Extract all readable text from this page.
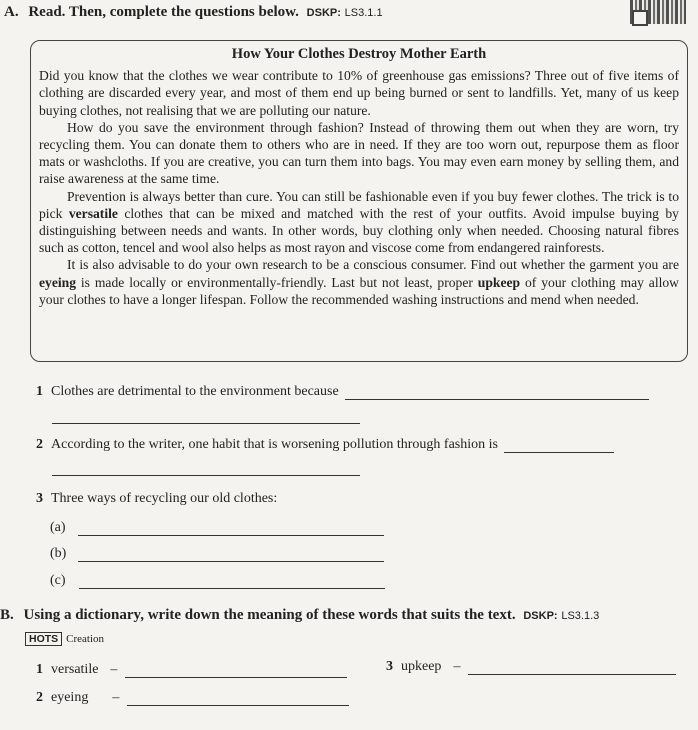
A. Read. Then, complete the questions below. DSKP: LS3.1.1
How Your Clothes Destroy Mother Earth

Did you know that the clothes we wear contribute to 10% of greenhouse gas emissions? Three out of five items of clothing are discarded every year, and most of them end up being burned or sent to landfills. Yet, many of us keep buying clothes, not realising that we are polluting our nature.

How do you save the environment through fashion? Instead of throwing them out when they are worn, try recycling them. You can donate them to others who are in need. If they are too worn out, repurpose them as floor mats or washcloths. If you are creative, you can turn them into bags. You may even earn money by selling them, and raise awareness at the same time.

Prevention is always better than cure. You can still be fashionable even if you buy fewer clothes. The trick is to pick versatile clothes that can be mixed and matched with the rest of your outfits. Avoid impulse buying by distinguishing between needs and wants. In other words, buy clothing only when needed. Choosing natural fibres such as cotton, tencel and wool also helps as most rayon and viscose come from endangered rainforests.

It is also advisable to do your own research to be a conscious consumer. Find out whether the garment you are eyeing is made locally or environmentally-friendly. Last but not least, proper upkeep of your clothing may allow your clothes to have a longer lifespan. Follow the recommended washing instructions and mend when needed.

1 Clothes are detrimental to the environment because
2 According to the writer, one habit that is worsening pollution through fashion is
3 Three ways of recycling our old clothes:
(a)
(b)
(c)
B. Using a dictionary, write down the meaning of these words that suits the text. DSKP: LS3.1.3
HOTS Creation
1 versatile –
2 eyeing –
3 upkeep –
